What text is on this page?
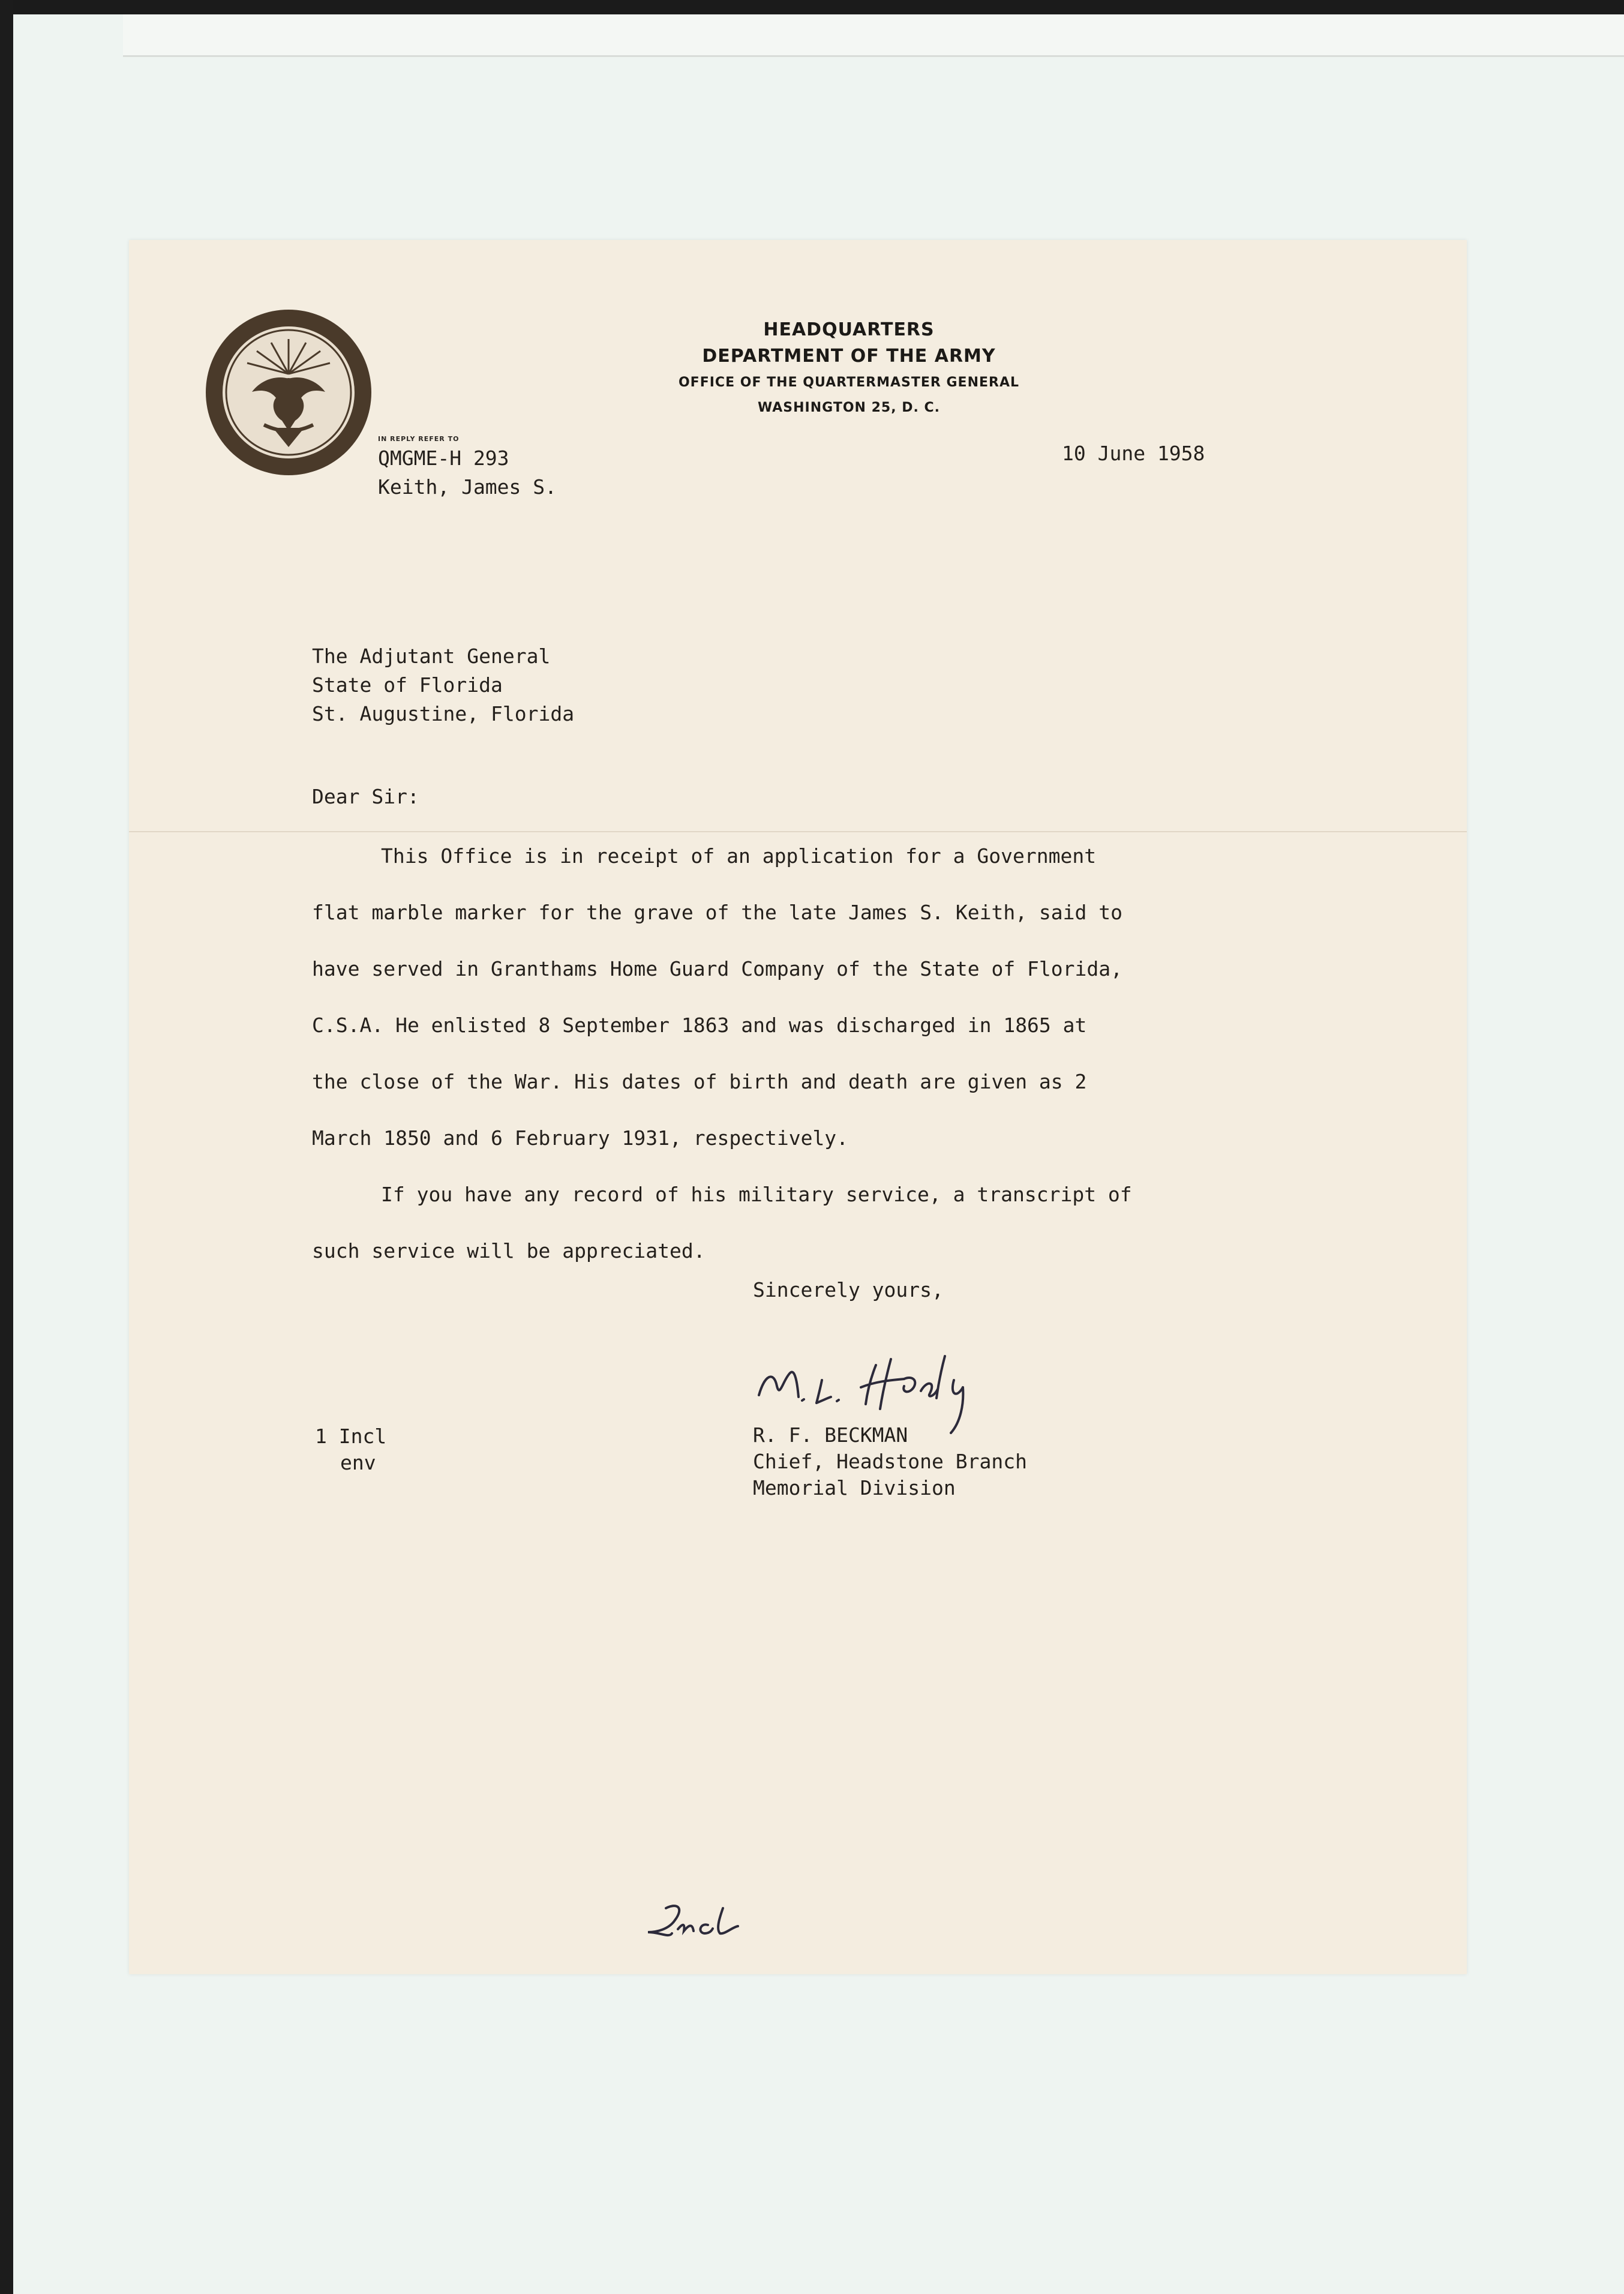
HEADQUARTERS
DEPARTMENT OF THE ARMY
OFFICE OF THE QUARTERMASTER GENERAL
WASHINGTON 25, D. C.
IN REPLY REFER TO
QMGME-H 293
Keith, James S.
10 June 1958
The Adjutant General
State of Florida
St. Augustine, Florida
Dear Sir:
This Office is in receipt of an application for a Government
flat marble marker for the grave of the late James S. Keith, said to
have served in Granthams Home Guard Company of the State of Florida,
C.S.A. He enlisted 8 September 1863 and was discharged in 1865 at
the close of the War. His dates of birth and death are given as 2
March 1850 and 6 February 1931, respectively.
If you have any record of his military service, a transcript of
such service will be appreciated.
Sincerely yours,
R. F. BECKMAN
Chief, Headstone Branch
Memorial Division
1 Incl
env
